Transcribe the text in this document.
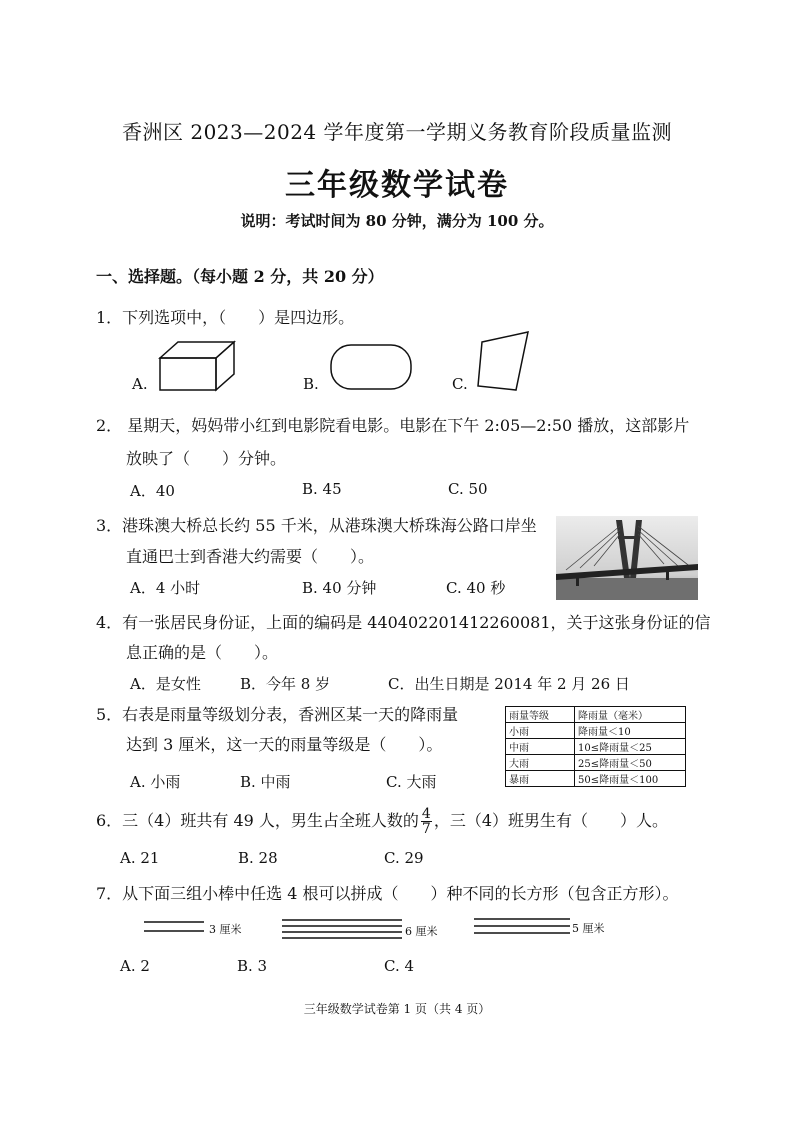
香洲区 2023—2024 学年度第一学期义务教育阶段质量监测
三年级数学试卷
说明：考试时间为 80 分钟，满分为 100 分。
一、选择题。（每小题 2 分，共 20 分）
1．下列选项中，（　　）是四边形。
A.	B.	C.
2． 星期天，妈妈带小红到电影院看电影。电影在下午 2:05—2:50 播放，这部影片
放映了（　　）分钟。
A．40	B. 45	C. 50
3．港珠澳大桥总长约 55 千米，从港珠澳大桥珠海公路口岸坐
直通巴士到香港大约需要（　　）。
A．4 小时	B. 40 分钟	C. 40 秒
4．有一张居民身份证，上面的编码是 440402201412260081，关于这张身份证的信
息正确的是（　　）。
A．是女性	B．今年 8 岁	C．出生日期是 2014 年 2 月 26 日
5．右表是雨量等级划分表，香洲区某一天的降雨量
达到 3 厘米，这一天的雨量等级是（　　）。
A. 小雨	B. 中雨	C. 大雨
雨量等级	降雨量（毫米）
小雨	降雨量＜10
中雨	10≤降雨量＜25
大雨	25≤降雨量＜50
暴雨	50≤降雨量＜100
6．三（4）班共有 49 人，男生占全班人数的 $\frac{4}{7}$ ，三（4）班男生有（　　）人。
A. 21	B. 28	C. 29
7．从下面三组小棒中任选 4 根可以拼成（　　）种不同的长方形（包含正方形）。
3 厘米	6 厘米	5 厘米
A. 2	B. 3	C. 4
三年级数学试卷第 1 页（共 4 页）
